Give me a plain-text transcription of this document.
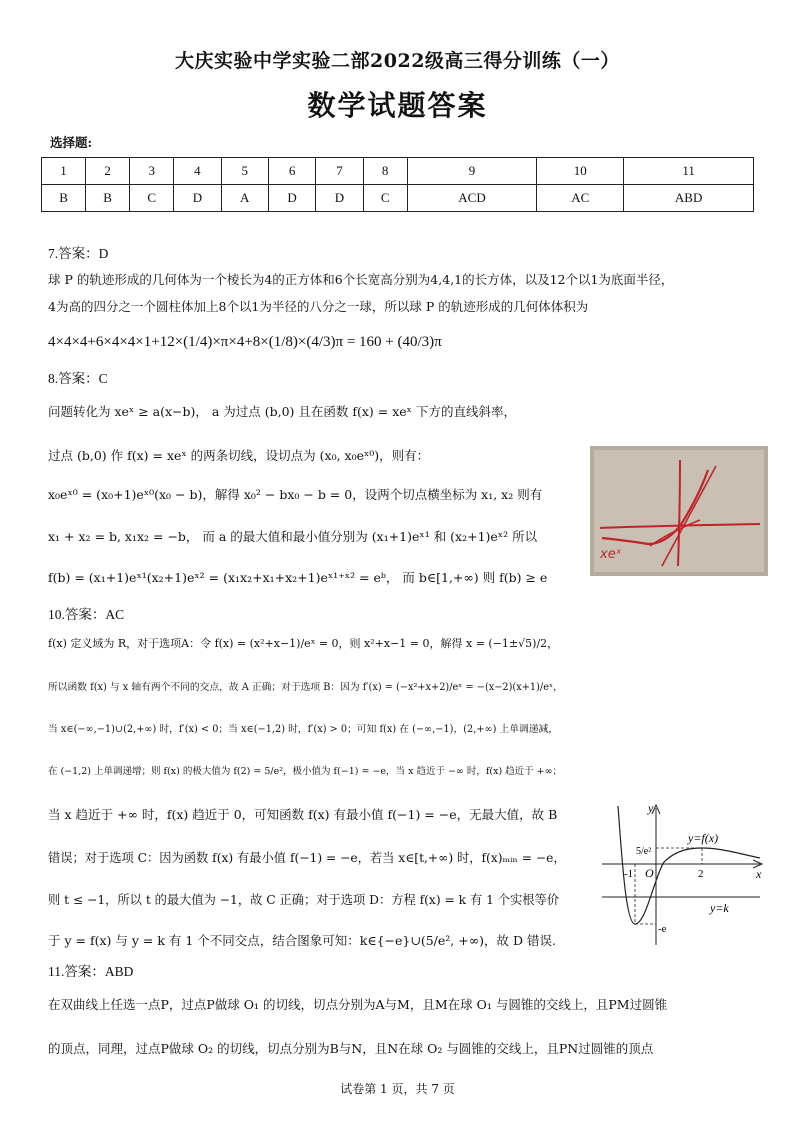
大庆实验中学实验二部2022级高三得分训练（一）
数学试题答案
选择题:
1	2	3	4	5	6	7	8	9	10	11
B	B	C	D	A	D	D	C	ACD	AC	ABD
7.答案：D
球 P 的轨迹形成的几何体为一个棱长为4的正方体和6个长宽高分别为4,4,1的长方体，以及12个以1为底面半径，
4为高的四分之一个圆柱体加上8个以1为半径的八分之一球，所以球 P 的轨迹形成的几何体体积为
4×4×4+6×4×4×1+12×(1/4)×π×4+8×(1/8)×(4/3)π = 160 + (40/3)π
8.答案：C
问题转化为 xeˣ ≥ a(x−b)， a 为过点 (b,0) 且在函数 f(x) = xeˣ 下方的直线斜率，
过点 (b,0) 作 f(x) = xeˣ 的两条切线，设切点为 (x₀, x₀eˣ⁰)，则有：
x₀eˣ⁰ = (x₀+1)eˣ⁰(x₀ − b)，解得 x₀² − bx₀ − b = 0，设两个切点横坐标为 x₁, x₂ 则有
x₁ + x₂ = b, x₁x₂ = −b， 而 a 的最大值和最小值分别为 (x₁+1)eˣ¹ 和 (x₂+1)eˣ² 所以
f(b) = (x₁+1)eˣ¹(x₂+1)eˣ² = (x₁x₂+x₁+x₂+1)eˣ¹⁺ˣ² = eᵇ， 而 b∈[1,+∞) 则 f(b) ≥ e
xeˣ
10.答案：AC
f(x) 定义域为 R，对于选项A：令 f(x) = (x²+x−1)/eˣ = 0，则 x²+x−1 = 0，解得 x = (−1±√5)/2，
所以函数 f(x) 与 x 轴有两个不同的交点，故 A 正确；对于选项 B：因为 f′(x) = (−x²+x+2)/eˣ = −(x−2)(x+1)/eˣ，
当 x∈(−∞,−1)∪(2,+∞) 时，f′(x) < 0；当 x∈(−1,2) 时，f′(x) > 0；可知 f(x) 在 (−∞,−1)，(2,+∞) 上单调递减，
在 (−1,2) 上单调递增；则 f(x) 的极大值为 f(2) = 5/e²，极小值为 f(−1) = −e，当 x 趋近于 −∞ 时，f(x) 趋近于 +∞；
当 x 趋近于 +∞ 时，f(x) 趋近于 0，可知函数 f(x) 有最小值 f(−1) = −e，无最大值，故 B
错误；对于选项 C：因为函数 f(x) 有最小值 f(−1) = −e，若当 x∈[t,+∞) 时，f(x)ₘᵢₙ = −e，
则 t ≤ −1，所以 t 的最大值为 −1，故 C 正确；对于选项 D：方程 f(x) = k 有 1 个实根等价
于 y = f(x) 与 y = k 有 1 个不同交点，结合图象可知：k∈{−e}∪(5/e², +∞)，故 D 错误.
y
x
O
y=f(x)
y=k
5/e²
-e
-1	2
11.答案：ABD
在双曲线上任选一点P，过点P做球 O₁ 的切线，切点分别为A与M，且M在球 O₁ 与圆锥的交线上，且PM过圆锥
的顶点，同理，过点P做球 O₂ 的切线，切点分别为B与N，且N在球 O₂ 与圆锥的交线上，且PN过圆锥的顶点
试卷第 1 页，共 7 页
